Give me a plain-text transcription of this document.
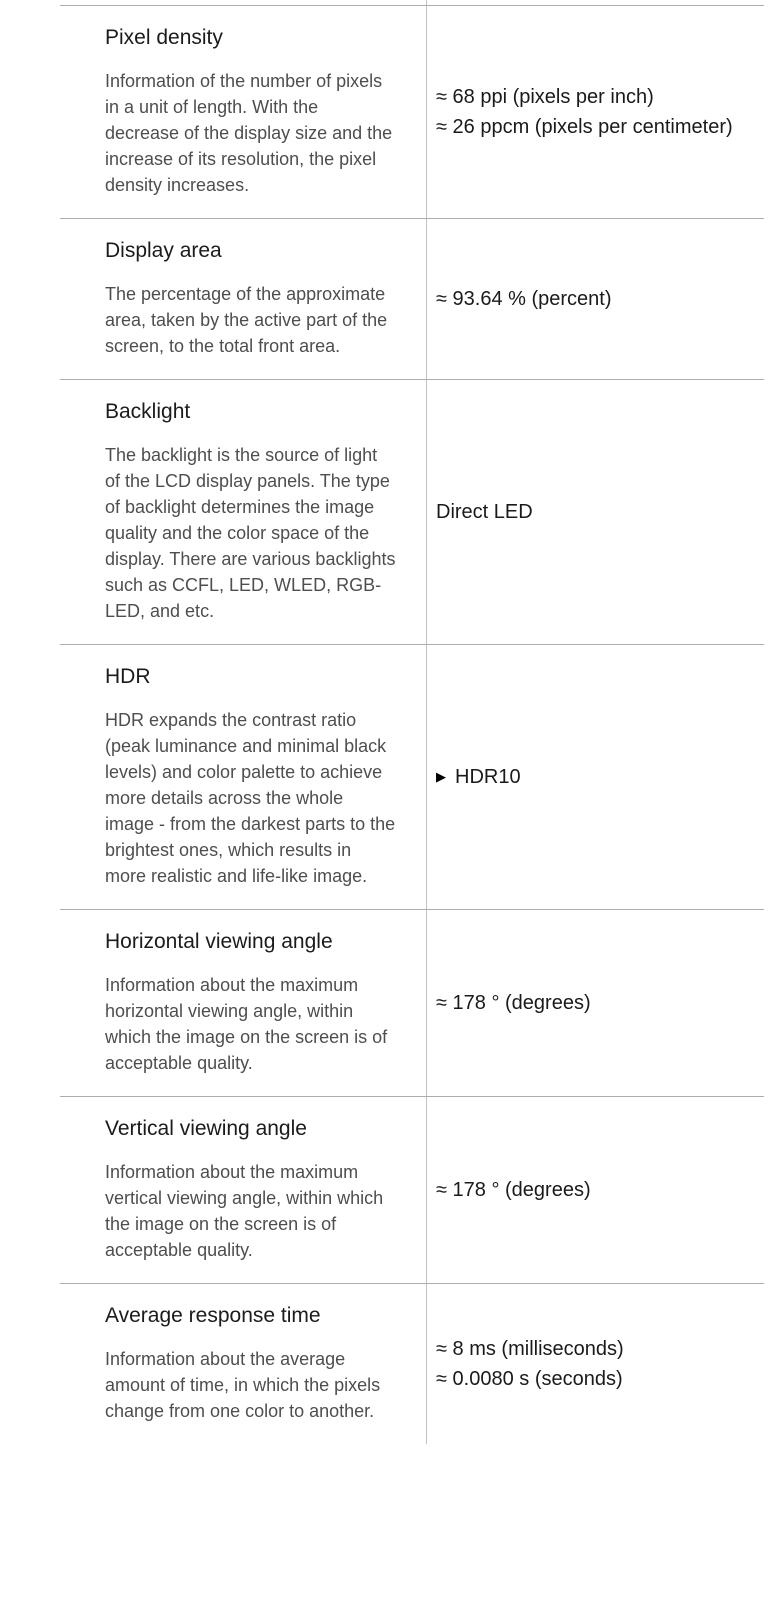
Pixel density
Information of the number of pixels in a unit of length. With the decrease of the display size and the increase of its resolution, the pixel density increases.
≈ 68 ppi (pixels per inch)
≈ 26 ppcm (pixels per centimeter)
Display area
The percentage of the approximate area, taken by the active part of the screen, to the total front area.
≈ 93.64 % (percent)
Backlight
The backlight is the source of light of the LCD display panels. The type of backlight determines the image quality and the color space of the display. There are various backlights such as CCFL, LED, WLED, RGB-LED, and etc.
Direct LED
HDR
HDR expands the contrast ratio (peak luminance and minimal black levels) and color palette to achieve more details across the whole image - from the darkest parts to the brightest ones, which results in more realistic and life-like image.
▶ HDR10
Horizontal viewing angle
Information about the maximum horizontal viewing angle, within which the image on the screen is of acceptable quality.
≈ 178 ° (degrees)
Vertical viewing angle
Information about the maximum vertical viewing angle, within which the image on the screen is of acceptable quality.
≈ 178 ° (degrees)
Average response time
Information about the average amount of time, in which the pixels change from one color to another.
≈ 8 ms (milliseconds)
≈ 0.0080 s (seconds)
